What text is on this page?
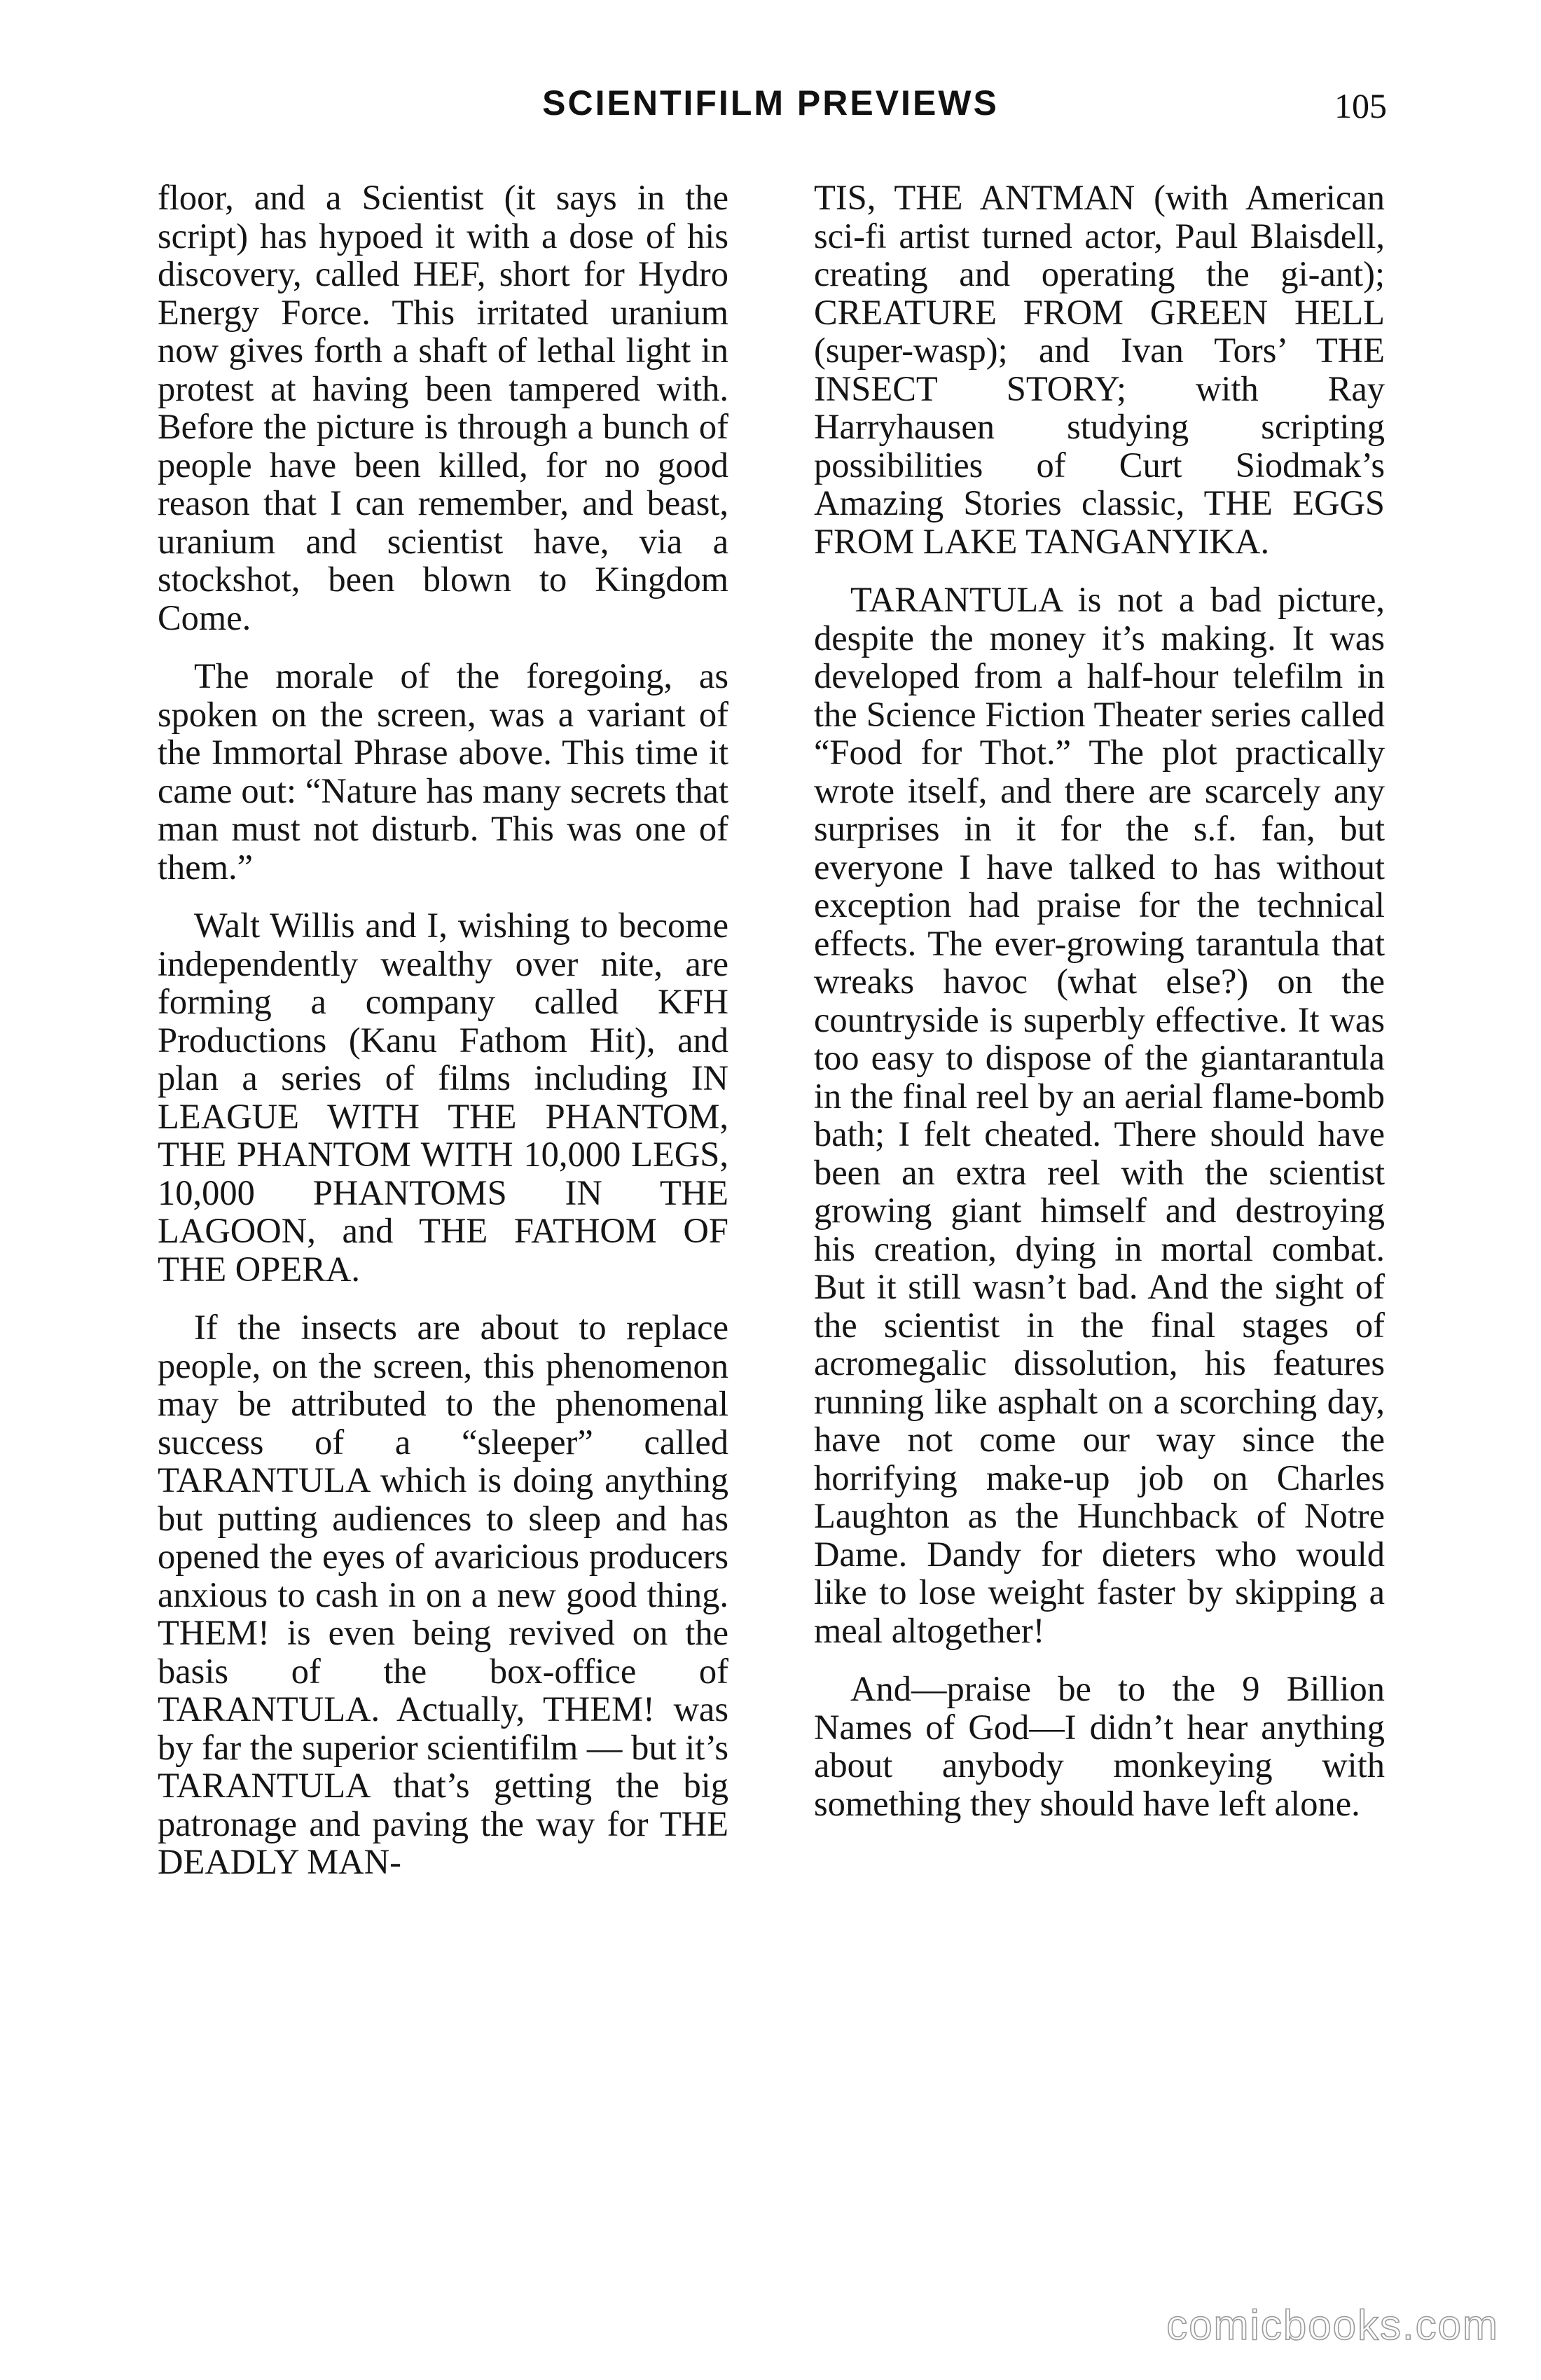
SCIENTIFILM PREVIEWS	105

floor, and a Scientist (it says in the script) has hypoed it with a dose of his discovery, called HEF, short for Hydro Energy Force. This irritated uranium now gives forth a shaft of lethal light in protest at having been tampered with. Before the picture is through a bunch of people have been killed, for no good reason that I can remember, and beast, uranium and scientist have, via a stockshot, been blown to Kingdom Come.

The morale of the foregoing, as spoken on the screen, was a variant of the Immortal Phrase above. This time it came out: “Nature has many secrets that man must not disturb. This was one of them.”

Walt Willis and I, wishing to become independently wealthy over nite, are forming a company called KFH Productions (Kanu Fathom Hit), and plan a series of films including IN LEAGUE WITH THE PHANTOM, THE PHANTOM WITH 10,000 LEGS, 10,000 PHANTOMS IN THE LAGOON, and THE FATHOM OF THE OPERA.

If the insects are about to replace people, on the screen, this phenomenon may be attributed to the phenomenal success of a “sleeper” called TARANTULA which is doing anything but putting audiences to sleep and has opened the eyes of avaricious producers anxious to cash in on a new good thing. THEM! is even being revived on the basis of the box-office of TARANTULA. Actually, THEM! was by far the superior scientifilm — but it’s TARANTULA that’s getting the big patronage and paving the way for THE DEADLY MAN-

TIS, THE ANTMAN (with American sci-fi artist turned actor, Paul Blaisdell, creating and operating the gi-ant); CREATURE FROM GREEN HELL (super-wasp); and Ivan Tors’ THE INSECT STORY; with Ray Harryhausen studying scripting possibilities of Curt Siodmak’s Amazing Stories classic, THE EGGS FROM LAKE TANGANYIKA.

TARANTULA is not a bad picture, despite the money it’s making. It was developed from a half-hour telefilm in the Science Fiction Theater series called “Food for Thot.” The plot practically wrote itself, and there are scarcely any surprises in it for the s.f. fan, but everyone I have talked to has without exception had praise for the technical effects. The ever-growing tarantula that wreaks havoc (what else?) on the countryside is superbly effective. It was too easy to dispose of the giantarantula in the final reel by an aerial flame-bomb bath; I felt cheated. There should have been an extra reel with the scientist growing giant himself and destroying his creation, dying in mortal combat. But it still wasn’t bad. And the sight of the scientist in the final stages of acromegalic dissolution, his features running like asphalt on a scorching day, have not come our way since the horrifying make-up job on Charles Laughton as the Hunchback of Notre Dame. Dandy for dieters who would like to lose weight faster by skipping a meal altogether!

And—praise be to the 9 Billion Names of God—I didn’t hear anything about anybody monkeying with something they should have left alone.

comicbooks.com
